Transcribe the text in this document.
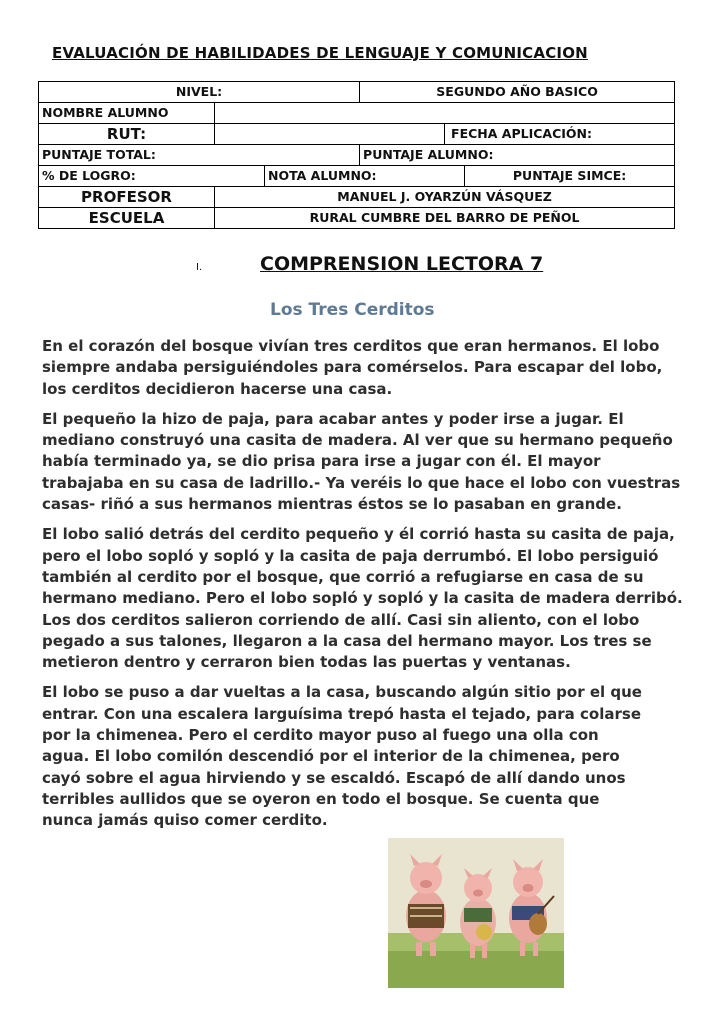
EVALUACIÓN DE HABILIDADES DE LENGUAJE Y COMUNICACION
NIVEL:			SEGUNDO AÑO BASICO		
NOMBRE ALUMNO					
RUT:				FECHA APLICACIÓN:	
PUNTAJE TOTAL:			PUNTAJE ALUMNO:		
% DE LOGRO:		NOTA ALUMNO:			PUNTAJE SIMCE:
PROFESOR	MANUEL J. OYARZÚN VÁSQUEZ				
ESCUELA	RURAL CUMBRE DEL BARRO DE PEÑOL				
I.	COMPRENSION LECTORA 7
Los Tres Cerditos

En el corazón del bosque vivían tres cerditos que eran hermanos. El lobo siempre andaba persiguiéndoles para comérselos. Para escapar del lobo, los cerditos decidieron hacerse una casa.

El pequeño la hizo de paja, para acabar antes y poder irse a jugar. El mediano construyó una casita de madera. Al ver que su hermano pequeño había terminado ya, se dio prisa para irse a jugar con él. El mayor trabajaba en su casa de ladrillo.- Ya veréis lo que hace el lobo con vuestras casas- riñó a sus hermanos mientras éstos se lo pasaban en grande.

El lobo salió detrás del cerdito pequeño y él corrió hasta su casita de paja, pero el lobo sopló y sopló y la casita de paja derrumbó. El lobo persiguió también al cerdito por el bosque, que corrió a refugiarse en casa de su hermano mediano. Pero el lobo sopló y sopló y la casita de madera derribó. Los dos cerditos salieron corriendo de allí. Casi sin aliento, con el lobo pegado a sus talones, llegaron a la casa del hermano mayor. Los tres se metieron dentro y cerraron bien todas las puertas y ventanas.

El lobo se puso a dar vueltas a la casa, buscando algún sitio por el que entrar. Con una escalera larguísima trepó hasta el tejado, para colarse por la chimenea. Pero el cerdito mayor puso al fuego una olla con agua. El lobo comilón descendió por el interior de la chimenea, pero cayó sobre el agua hirviendo y se escaldó. Escapó de allí dando unos terribles aullidos que se oyeron en todo el bosque. Se cuenta que nunca jamás quiso comer cerdito.
